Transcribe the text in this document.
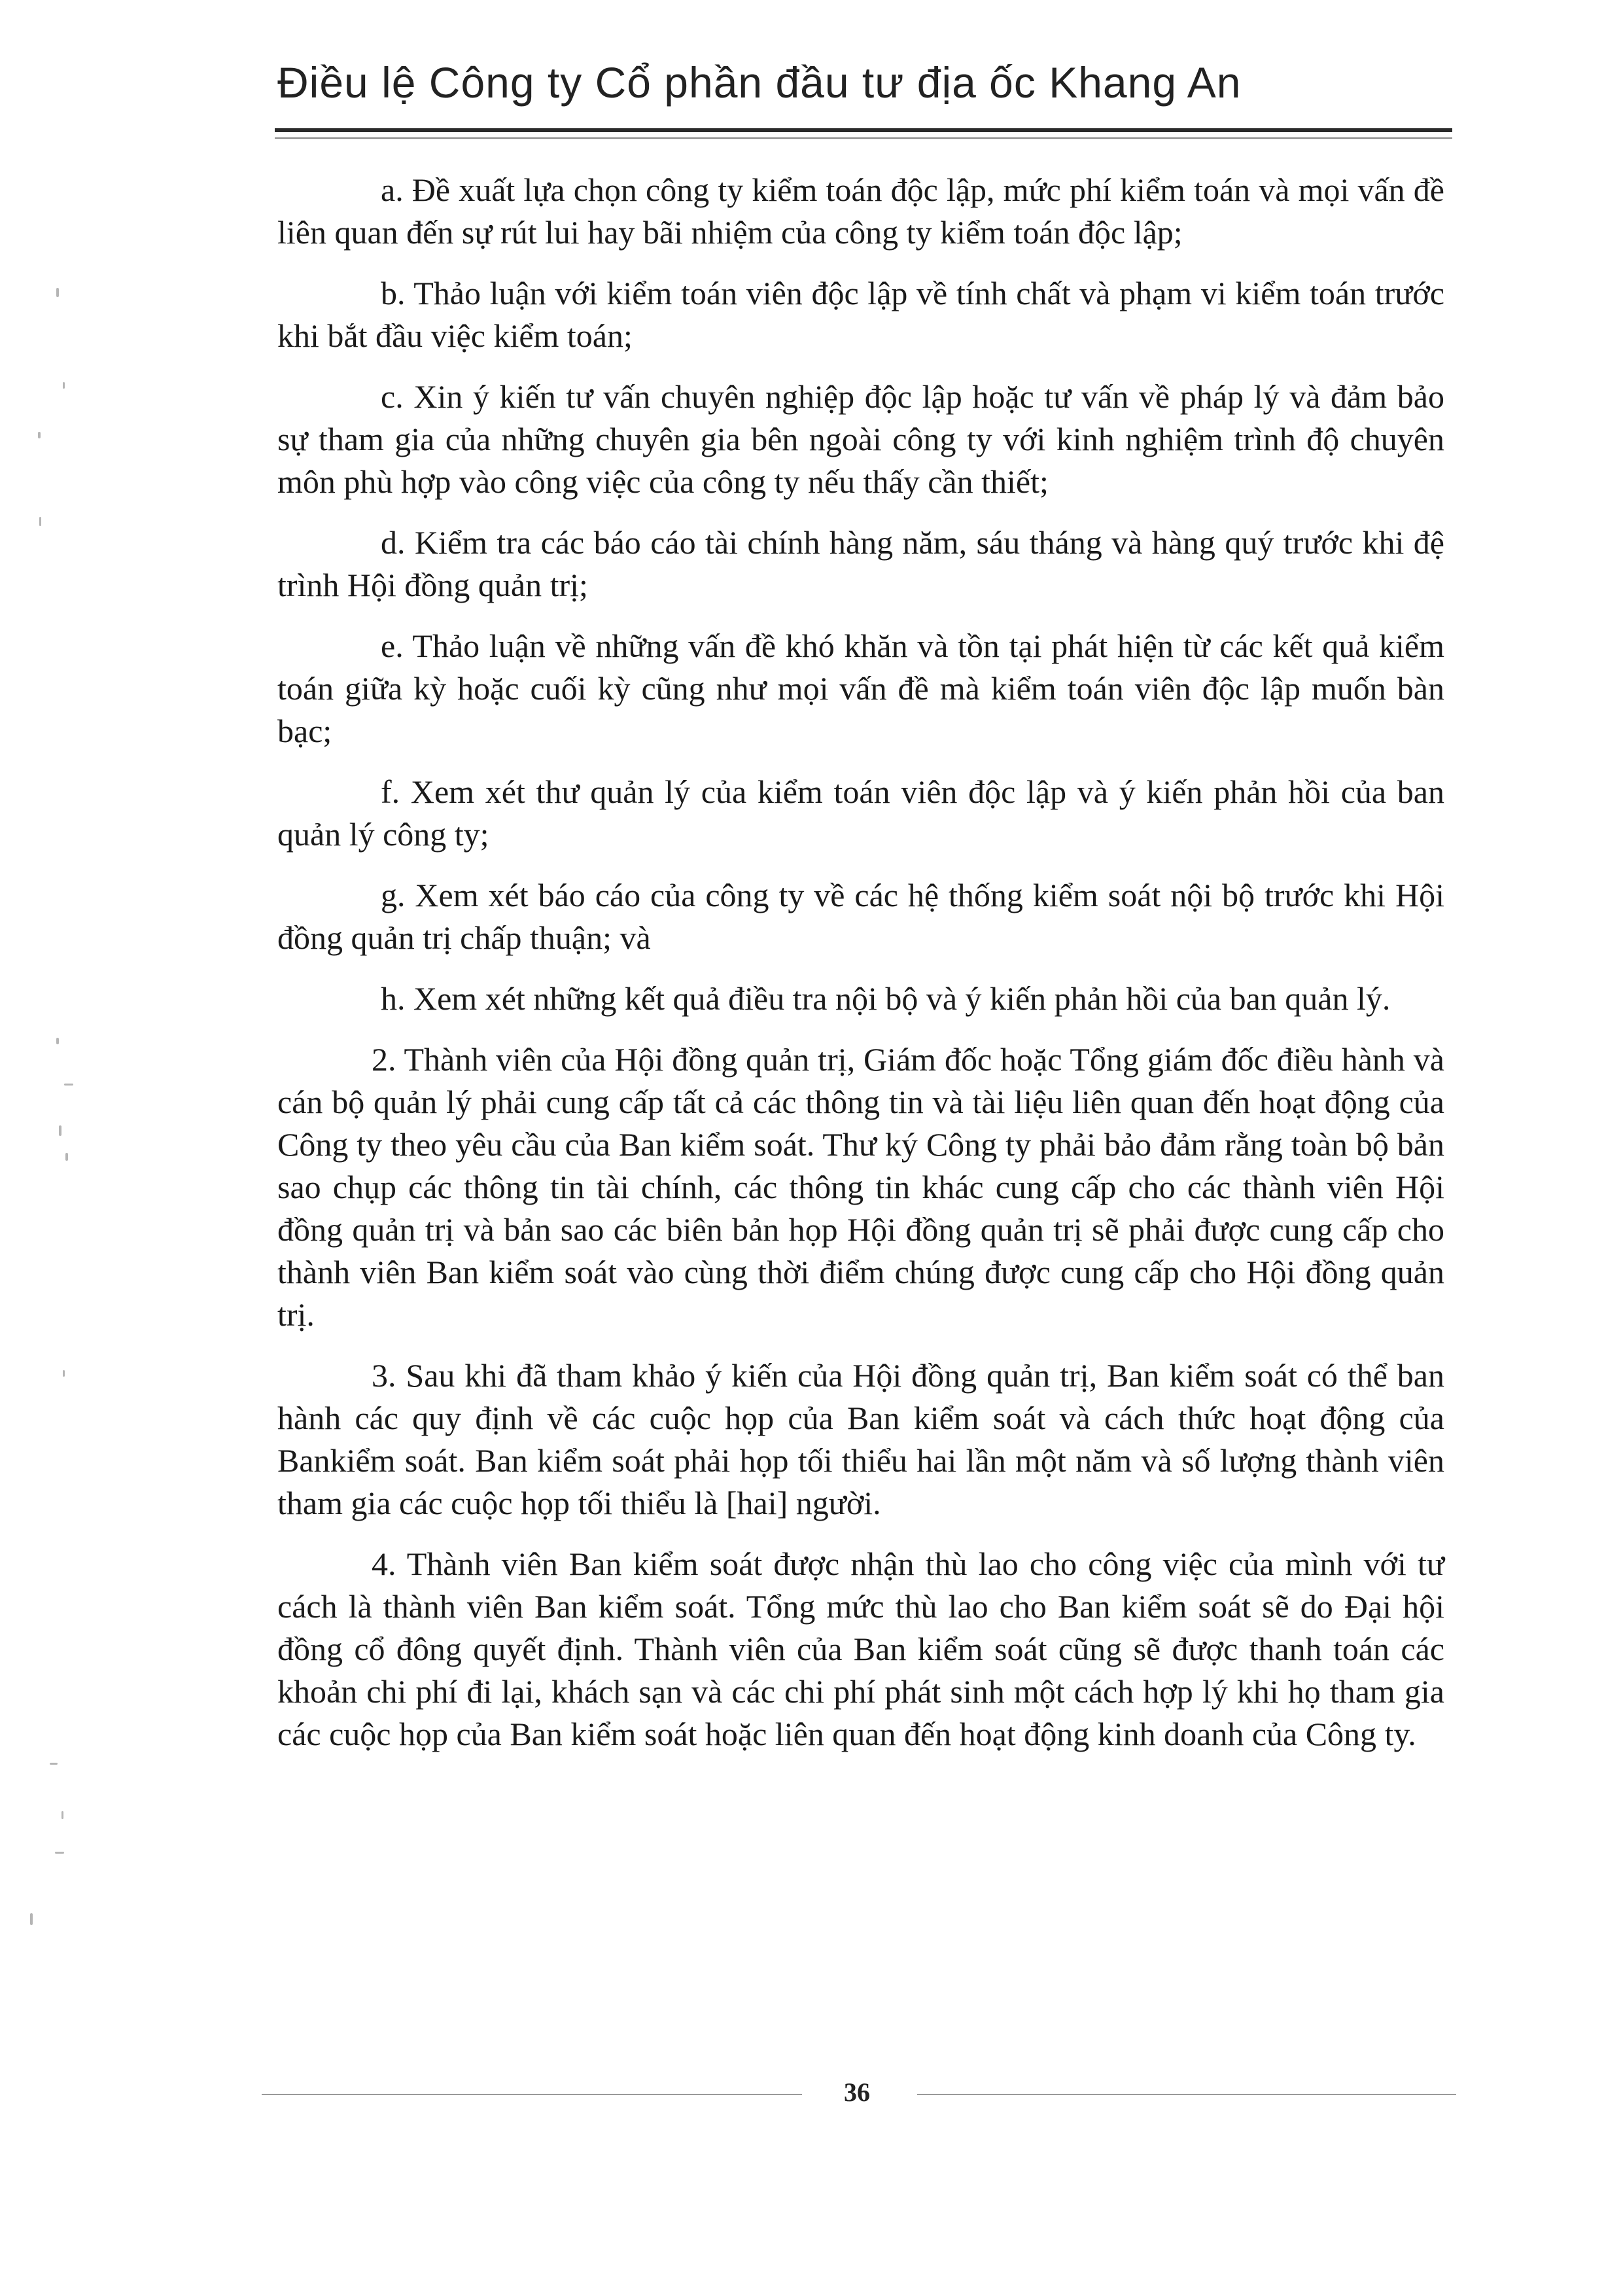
Điều lệ Công ty Cổ phần đầu tư địa ốc Khang An

a. Đề xuất lựa chọn công ty kiểm toán độc lập, mức phí kiểm toán và mọi vấn đề liên quan đến sự rút lui hay bãi nhiệm của công ty kiểm toán độc lập;

b. Thảo luận với kiểm toán viên độc lập về tính chất và phạm vi kiểm toán trước khi bắt đầu việc kiểm toán;

c. Xin ý kiến tư vấn chuyên nghiệp độc lập hoặc tư vấn về pháp lý và đảm bảo sự tham gia của những chuyên gia bên ngoài công ty với kinh nghiệm trình độ chuyên môn phù hợp vào công việc của công ty nếu thấy cần thiết;

d. Kiểm tra các báo cáo tài chính hàng năm, sáu tháng và hàng quý trước khi đệ trình Hội đồng quản trị;

e. Thảo luận về những vấn đề khó khăn và tồn tại phát hiện từ các kết quả kiểm toán giữa kỳ hoặc cuối kỳ cũng như mọi vấn đề mà kiểm toán viên độc lập muốn bàn bạc;

f. Xem xét thư quản lý của kiểm toán viên độc lập và ý kiến phản hồi của ban quản lý công ty;

g. Xem xét báo cáo của công ty về các hệ thống kiểm soát nội bộ trước khi Hội đồng quản trị chấp thuận; và

h. Xem xét những kết quả điều tra nội bộ và ý kiến phản hồi của ban quản lý.

2. Thành viên của Hội đồng quản trị, Giám đốc hoặc Tổng giám đốc điều hành và cán bộ quản lý phải cung cấp tất cả các thông tin và tài liệu liên quan đến hoạt động của Công ty theo yêu cầu của Ban kiểm soát. Thư ký Công ty phải bảo đảm rằng toàn bộ bản sao chụp các thông tin tài chính, các thông tin khác cung cấp cho các thành viên Hội đồng quản trị và bản sao các biên bản họp Hội đồng quản trị sẽ phải được cung cấp cho thành viên Ban kiểm soát vào cùng thời điểm chúng được cung cấp cho Hội đồng quản trị.

3. Sau khi đã tham khảo ý kiến của Hội đồng quản trị, Ban kiểm soát có thể ban hành các quy định về các cuộc họp của Ban kiểm soát và cách thức hoạt động của Bankiểm soát. Ban kiểm soát phải họp tối thiểu hai lần một năm và số lượng thành viên tham gia các cuộc họp tối thiểu là [hai] người.

4. Thành viên Ban kiểm soát được nhận thù lao cho công việc của mình với tư cách là thành viên Ban kiểm soát. Tổng mức thù lao cho Ban kiểm soát sẽ do Đại hội đồng cổ đông quyết định. Thành viên của Ban kiểm soát cũng sẽ được thanh toán các khoản chi phí đi lại, khách sạn và các chi phí phát sinh một cách hợp lý khi họ tham gia các cuộc họp của Ban kiểm soát hoặc liên quan đến hoạt động kinh doanh của Công ty.

36
